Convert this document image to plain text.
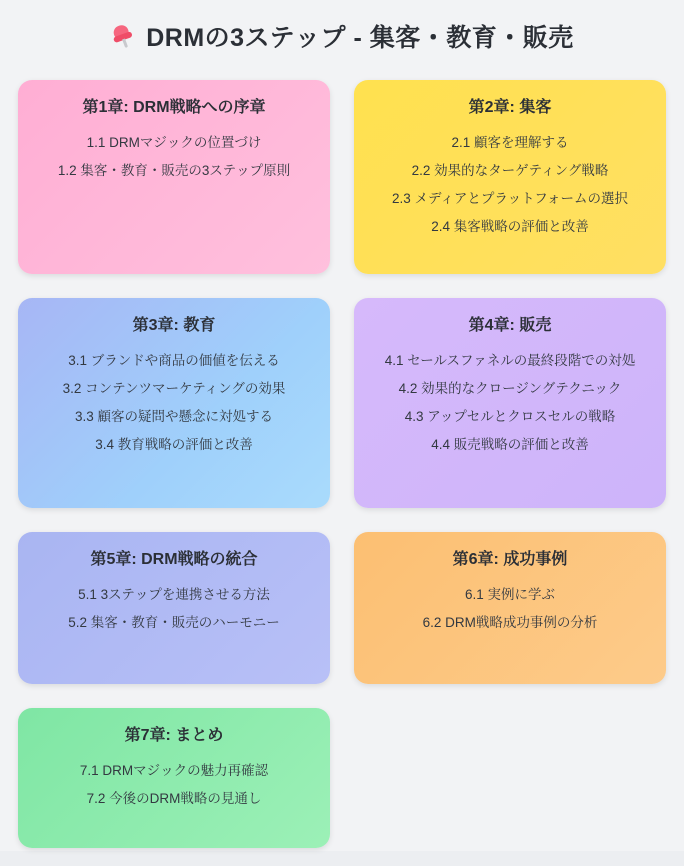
DRMの3ステップ - 集客・教育・販売
第1章: DRM戦略への序章
1.1 DRMマジックの位置づけ
1.2 集客・教育・販売の3ステップ原則
第2章: 集客
2.1 顧客を理解する
2.2 効果的なターゲティング戦略
2.3 メディアとプラットフォームの選択
2.4 集客戦略の評価と改善
第3章: 教育
3.1 ブランドや商品の価値を伝える
3.2 コンテンツマーケティングの効果
3.3 顧客の疑問や懸念に対処する
3.4 教育戦略の評価と改善
第4章: 販売
4.1 セールスファネルの最終段階での対処
4.2 効果的なクロージングテクニック
4.3 アップセルとクロスセルの戦略
4.4 販売戦略の評価と改善
第5章: DRM戦略の統合
5.1 3ステップを連携させる方法
5.2 集客・教育・販売のハーモニー
第6章: 成功事例
6.1 実例に学ぶ
6.2 DRM戦略成功事例の分析
第7章: まとめ
7.1 DRMマジックの魅力再確認
7.2 今後のDRM戦略の見通し
